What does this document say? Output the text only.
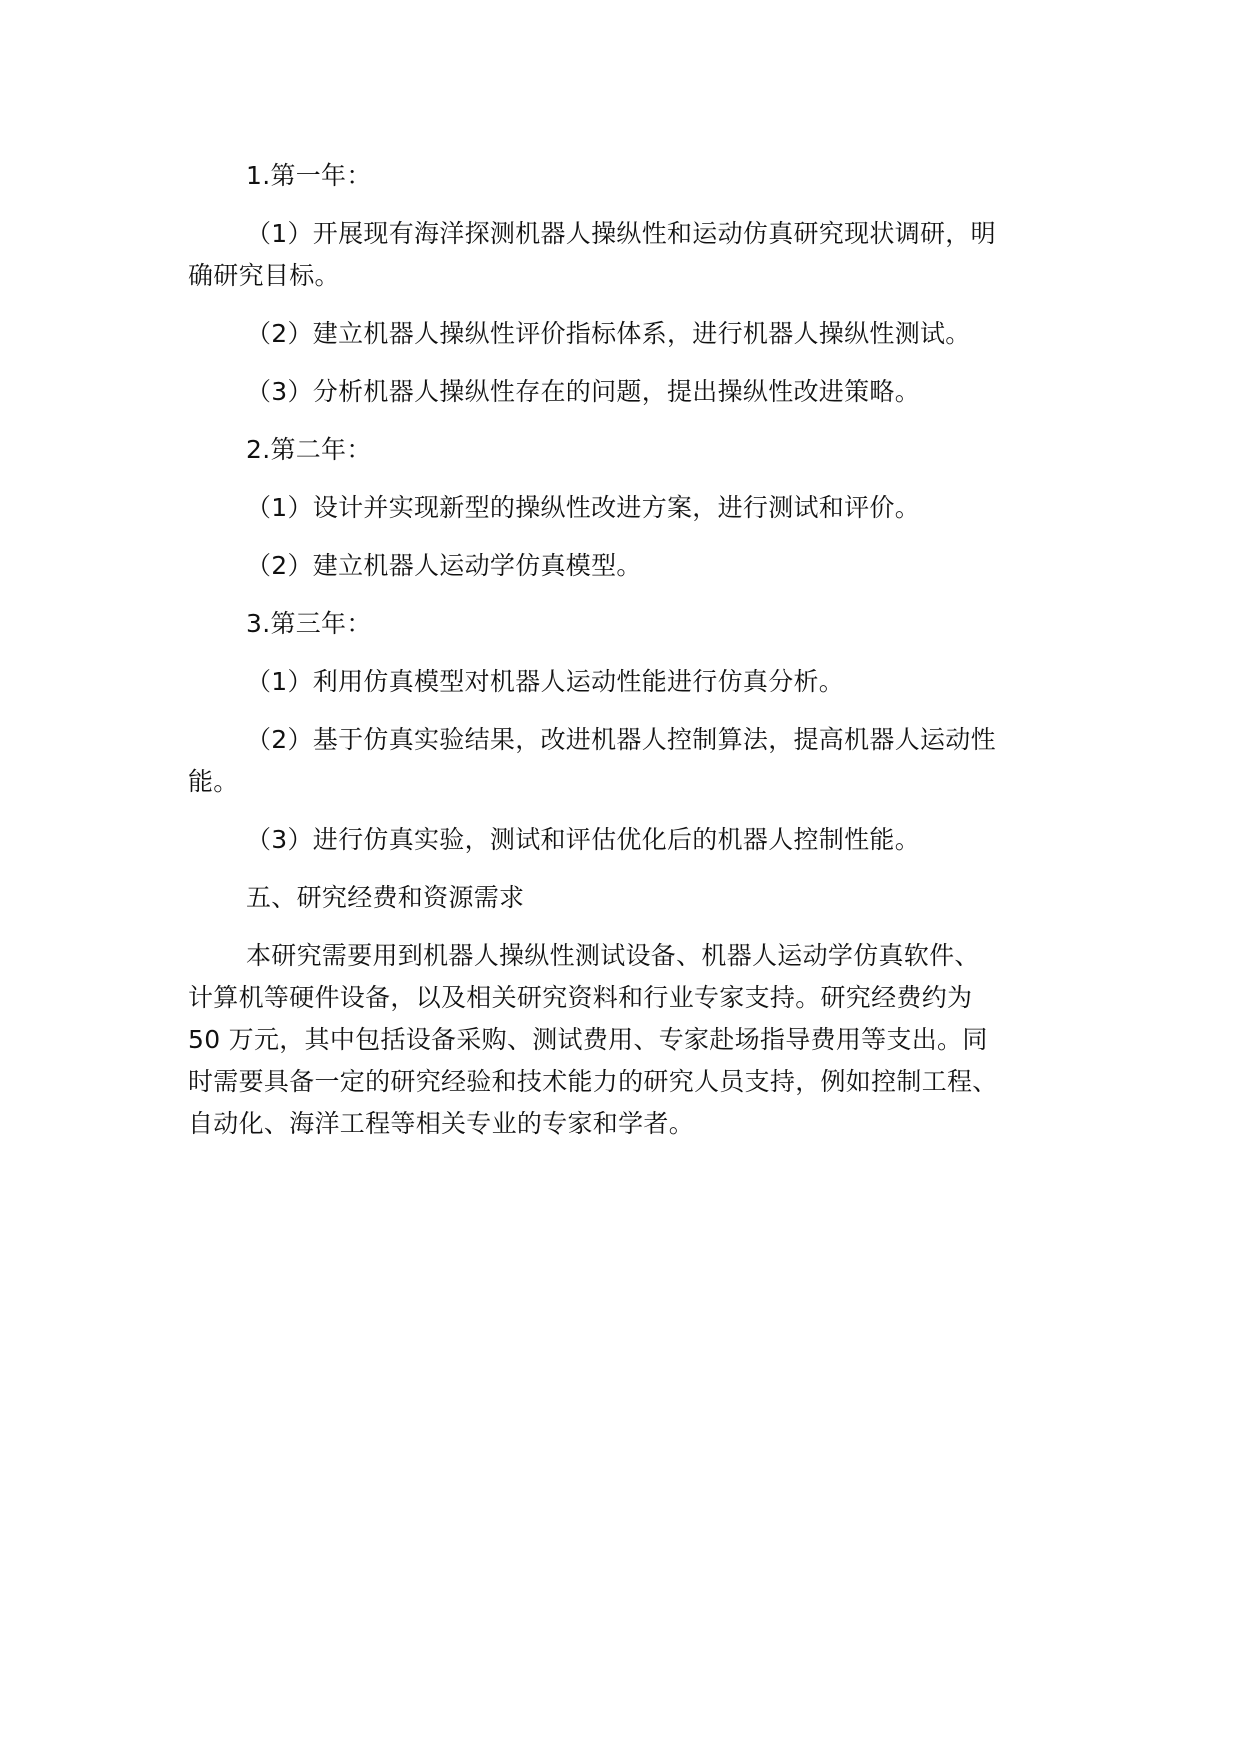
1.第一年：
（1）开展现有海洋探测机器人操纵性和运动仿真研究现状调研，明
确研究目标。
（2）建立机器人操纵性评价指标体系，进行机器人操纵性测试。
（3）分析机器人操纵性存在的问题，提出操纵性改进策略。
2.第二年：
（1）设计并实现新型的操纵性改进方案，进行测试和评价。
（2）建立机器人运动学仿真模型。
3.第三年：
（1）利用仿真模型对机器人运动性能进行仿真分析。
（2）基于仿真实验结果，改进机器人控制算法，提高机器人运动性
能。
（3）进行仿真实验，测试和评估优化后的机器人控制性能。
五、研究经费和资源需求
本研究需要用到机器人操纵性测试设备、机器人运动学仿真软件、
计算机等硬件设备，以及相关研究资料和行业专家支持。研究经费约为
50 万元，其中包括设备采购、测试费用、专家赴场指导费用等支出。同
时需要具备一定的研究经验和技术能力的研究人员支持，例如控制工程、
自动化、海洋工程等相关专业的专家和学者。
